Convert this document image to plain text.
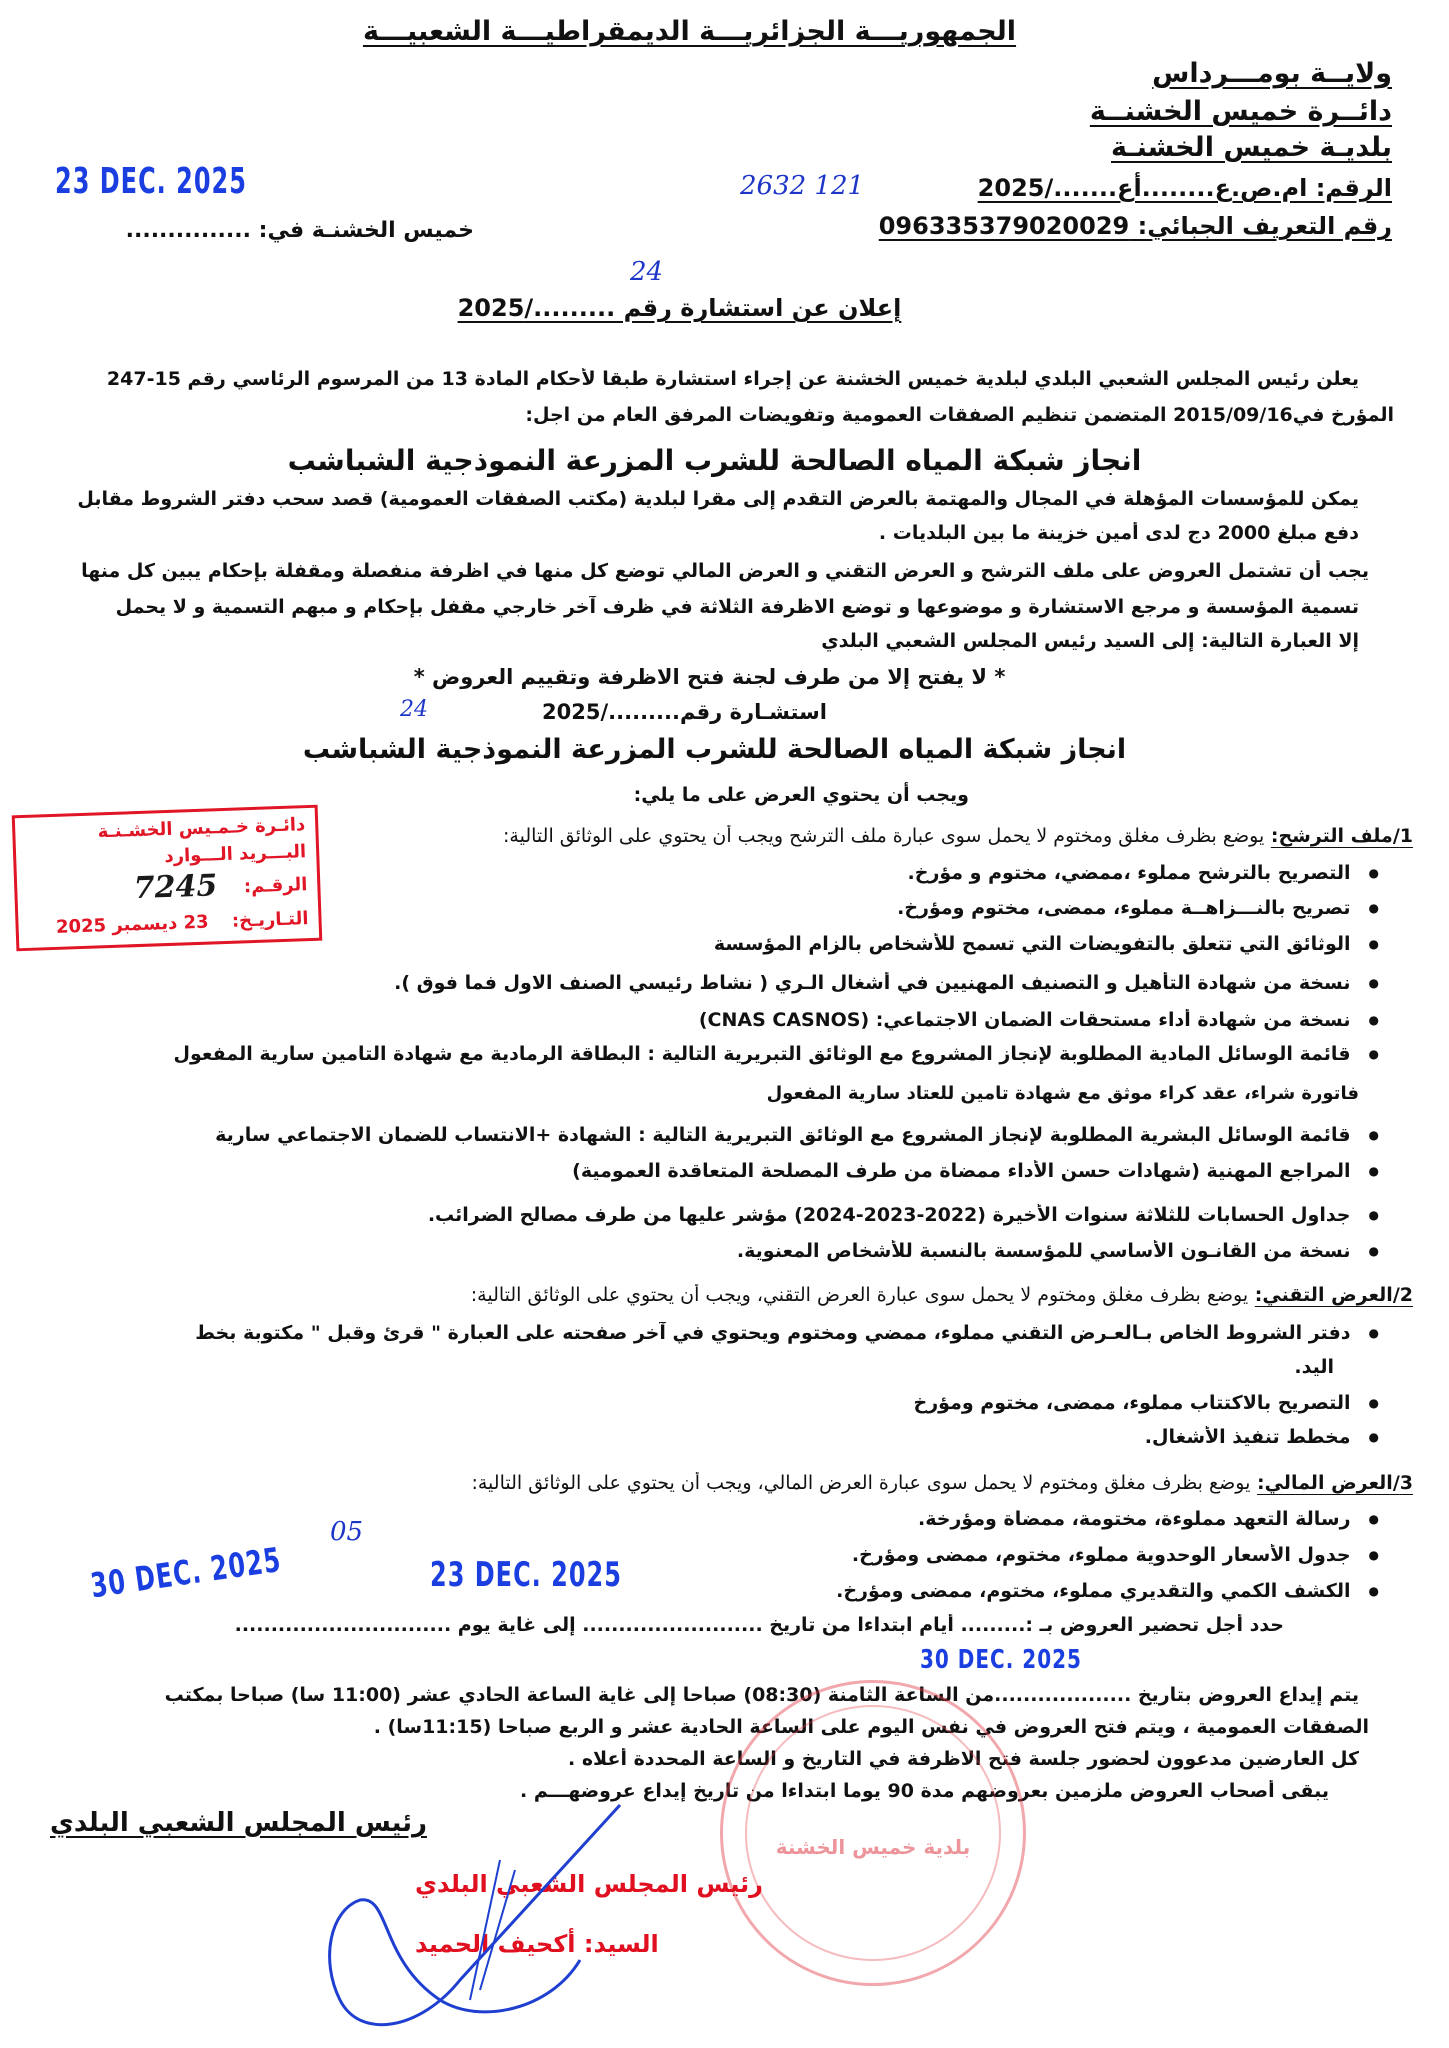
الجمهوريـــة الجزائريـــة الديمقراطيـــة الشعبيـــة
ولايــة بومـــرداس
دائــرة خميس الخشنــة
بلديـة خميس الخشنـة
الرقم: ام.ص.ع........أع......./2025
2632 121
رقم التعريف الجبائي: 096335379020029
خميس الخشنـة في: ...............
23 DEC. 2025
إعلان عن استشارة رقم ........./2025
24
يعلن رئيس المجلس الشعبي البلدي لبلدية خميس الخشنة عن إجراء استشارة طبقا لأحكام المادة 13 من المرسوم الرئاسي رقم 15-247
المؤرخ في2015/09/16 المتضمن تنظيم الصفقات العمومية وتفويضات المرفق العام من اجل:
انجاز شبكة المياه الصالحة للشرب المزرعة النموذجية الشباشب
يمكن للمؤسسات المؤهلة في المجال والمهتمة بالعرض التقدم إلى مقرا لبلدية (مكتب الصفقات العمومية) قصد سحب دفتر الشروط مقابل
دفع مبلغ 2000 دج لدى أمين خزينة ما بين البلديات .
يجب أن تشتمل العروض على ملف الترشح و العرض التقني و العرض المالي توضع كل منها في اظرفة منفصلة ومقفلة بإحكام يبين كل منها
تسمية المؤسسة و مرجع الاستشارة و موضوعها و توضع الاظرفة الثلاثة في ظرف آخر خارجي مقفل بإحكام و مبهم التسمية و لا يحمل
إلا العبارة التالية: إلى السيد رئيس المجلس الشعبي البلدي
* لا يفتح إلا من طرف لجنة فتح الاظرفة وتقييم العروض *
استشـارة رقم........./2025
24
انجاز شبكة المياه الصالحة للشرب المزرعة النموذجية الشباشب
ويجب أن يحتوي العرض على ما يلي:
1/ملف الترشح: يوضع بظرف مغلق ومختوم لا يحمل سوى عبارة ملف الترشح ويجب أن يحتوي على الوثائق التالية:
● التصريح بالترشح مملوء ،ممضي، مختوم و مؤرخ.
● تصريح بالنـــزاهــة مملوء، ممضى، مختوم ومؤرخ.
● الوثائق التي تتعلق بالتفويضات التي تسمح للأشخاص بالزام المؤسسة
● نسخة من شهادة التأهيل و التصنيف المهنيين في أشغال الـري ( نشاط رئيسي الصنف الاول فما فوق ).
● نسخة من شهادة أداء مستحقات الضمان الاجتماعي: (CNAS CASNOS)
● قائمة الوسائل المادية المطلوبة لإنجاز المشروع مع الوثائق التبريرية التالية : البطاقة الرمادية مع شهادة التامين سارية المفعول
فاتورة شراء، عقد كراء موثق مع شهادة تامين للعتاد سارية المفعول
● قائمة الوسائل البشرية المطلوبة لإنجاز المشروع مع الوثائق التبريرية التالية : الشهادة +الانتساب للضمان الاجتماعي سارية
● المراجع المهنية (شهادات حسن الأداء ممضاة من طرف المصلحة المتعاقدة العمومية)
● جداول الحسابات للثلاثة سنوات الأخيرة (2022-2023-2024) مؤشر عليها من طرف مصالح الضرائب.
● نسخة من القانـون الأساسي للمؤسسة بالنسبة للأشخاص المعنوية.
2/العرض التقني: يوضع بظرف مغلق ومختوم لا يحمل سوى عبارة العرض التقني، ويجب أن يحتوي على الوثائق التالية:
● دفتر الشروط الخاص بـالعـرض التقني مملوء، ممضي ومختوم ويحتوي في آخر صفحته على العبارة " قرئ وقبل " مكتوبة بخط
اليد.
● التصريح بالاكتتاب مملوء، ممضى، مختوم ومؤرخ
● مخطط تنفيذ الأشغال.
3/العرض المالي: يوضع بظرف مغلق ومختوم لا يحمل سوى عبارة العرض المالي، ويجب أن يحتوي على الوثائق التالية:
● رسالة التعهد مملوءة، مختومة، ممضاة ومؤرخة.
● جدول الأسعار الوحدوية مملوء، مختوم، ممضى ومؤرخ.
● الكشف الكمي والتقديري مملوء، مختوم، ممضى ومؤرخ.
30 DEC. 2025	23 DEC. 2025
05
حدد أجل تحضير العروض بـ :......... أيام ابتداءا من تاريخ ......................... إلى غاية يوم ..............................
30 DEC. 2025
يتم إيداع العروض بتاريخ ...................من الساعة الثامنة (08:30) صباحا إلى غاية الساعة الحادي عشر (11:00 سا) صباحا بمكتب
الصفقات العمومية ، ويتم فتح العروض في نفس اليوم على الساعة الحادية عشر و الربع صباحا (11:15سا) .
كل العارضين مدعوون لحضور جلسة فتح الاظرفة في التاريخ و الساعة المحددة أعلاه .
يبقى أصحاب العروض ملزمين بعروضهم مدة 90 يوما ابتداءا من تاريخ إيداع عروضهـــم .
دائـرة خـمـيس الخشـنـة
البـــريد الـــوارد
الرقـم:
التـاريـخ:
7245
23 ديسمبر 2025
رئيس المجلس الشعبي البلدي
بلدية خميس الخشنة
رئيس المجلس الشعبي البلدي
السيد: أكحيف الحميد
